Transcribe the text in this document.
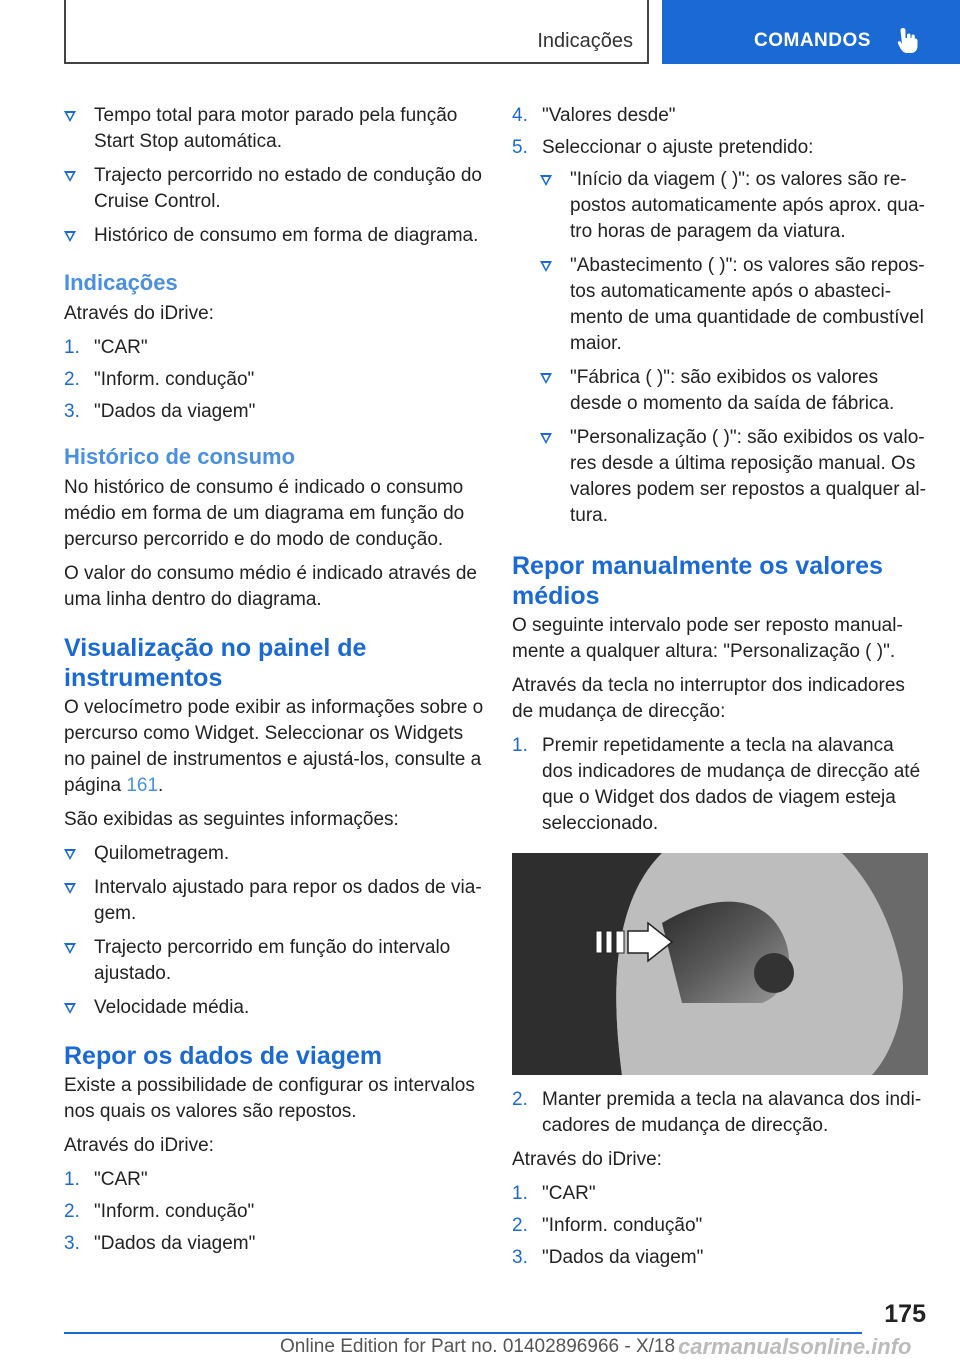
Indicações	COMANDOS
Tempo total para motor parado pela função Start Stop automática.
Trajecto percorrido no estado de condução do Cruise Control.
Histórico de consumo em forma de diagrama.
Indicações

Através do iDrive:

1. "CAR"
2. "Inform. condução"
3. "Dados da viagem"
Histórico de consumo

No histórico de consumo é indicado o consumo médio em forma de um diagrama em função do percurso percorrido e do modo de condução.

O valor do consumo médio é indicado através de uma linha dentro do diagrama.

Visualização no painel de instrumentos

O velocímetro pode exibir as informações sobre o percurso como Widget. Seleccionar os Widgets no painel de instrumentos e ajustá-los, consulte a página 161.

São exibidas as seguintes informações:

Quilometragem.
Intervalo ajustado para repor os dados de viagem.
Trajecto percorrido em função do intervalo ajustado.
Velocidade média.
Repor os dados de viagem

Existe a possibilidade de configurar os intervalos nos quais os valores são repostos.

Através do iDrive:

1. "CAR"
2. "Inform. condução"
3. "Dados da viagem"
4. "Valores desde"
5. Seleccionar o ajuste pretendido:
"Início da viagem ( )": os valores são repostos automaticamente após aprox. quatro horas de paragem da viatura.
"Abastecimento ( )": os valores são repostos automaticamente após o abastecimento de uma quantidade de combustível maior.
"Fábrica ( )": são exibidos os valores desde o momento da saída de fábrica.
"Personalização ( )": são exibidos os valores desde a última reposição manual. Os valores podem ser repostos a qualquer altura.
Repor manualmente os valores médios

O seguinte intervalo pode ser reposto manualmente a qualquer altura: "Personalização ( )".

Através da tecla no interruptor dos indicadores de mudança de direcção:

1. Premir repetidamente a tecla na alavanca dos indicadores de mudança de direcção até que o Widget dos dados de viagem esteja seleccionado.
2. Manter premida a tecla na alavanca dos indicadores de mudança de direcção.

Através do iDrive:

1. "CAR"
2. "Inform. condução"
3. "Dados da viagem"
175
Online Edition for Part no. 01402896966 - X/18 carmanualsonline.info
